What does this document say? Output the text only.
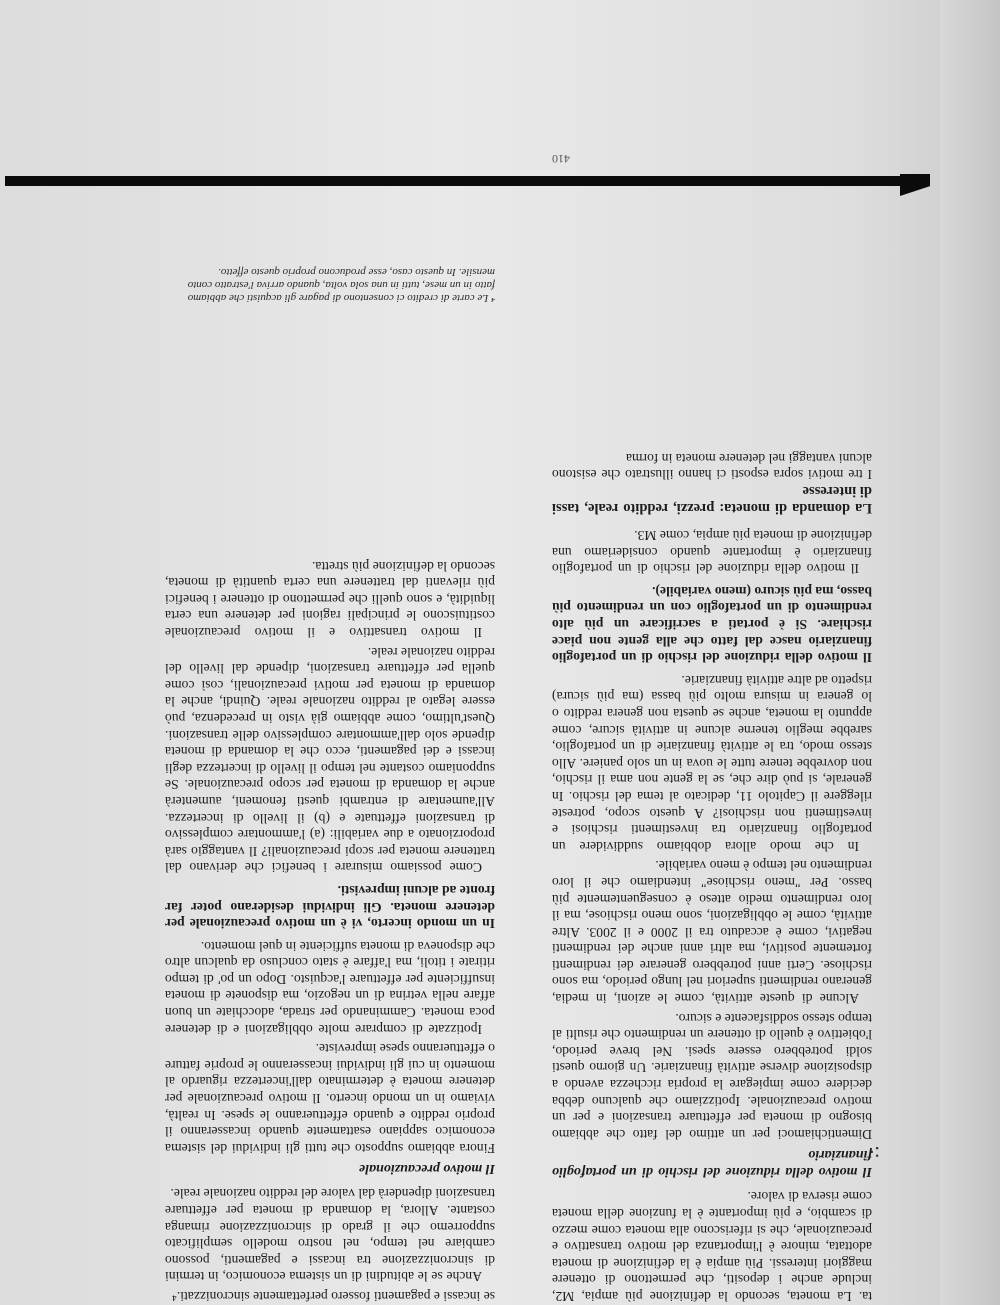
⁖

se incassi e pagamenti fossero perfettamente sincronizzati.⁴

Anche se le abitudini di un sistema economico, in termini di sincronizzazione tra incassi e pagamenti, possono cambiare nel tempo, nel nostro modello semplificato supporremo che il grado di sincronizzazione rimanga costante. Allora, la domanda di moneta per effettuare transazioni dipenderà dal valore del reddito nazionale reale.

Il motivo precauzionale

Finora abbiamo supposto che tutti gli individui del sistema economico sappiano esattamente quando incasseranno il proprio reddito e quando effettueranno le spese. In realtà, viviamo in un mondo incerto. Il motivo precauzionale per detenere moneta è determinato dall'incertezza riguardo al momento in cui gli individui incasseranno le proprie fatture o effettueranno spese impreviste.

Ipotizzate di comprare molte obbligazioni e di detenere poca moneta. Camminando per strada, adocchiate un buon affare nella vetrina di un negozio, ma disponete di moneta insufficiente per effettuare l'acquisto. Dopo un po' di tempo ritirate i titoli, ma l'affare è stato concluso da qualcun altro che disponeva di moneta sufficiente in quel momento.

In un mondo incerto, vi è un motivo precauzionale per detenere moneta. Gli individui desiderano poter far fronte ad alcuni imprevisti.

Come possiamo misurare i benefici che derivano dal trattenere moneta per scopi precauzionali? Il vantaggio sarà proporzionato a due variabili: (a) l'ammontare complessivo di transazioni effettuate e (b) il livello di incertezza. All'aumentare di entrambi questi fenomeni, aumenterà anche la domanda di moneta per scopo precauzionale. Se supponiamo costante nel tempo il livello di incertezza degli incassi e dei pagamenti, ecco che la domanda di moneta dipende solo dall'ammontare complessivo delle transazioni. Quest'ultimo, come abbiamo già visto in precedenza, può essere legato al reddito nazionale reale. Quindi, anche la domanda di moneta per motivi precauzionali, così come quella per effettuare transazioni, dipende dal livello del reddito nazionale reale.

Il motivo transattivo e il motivo precauzionale costituiscono le principali ragioni per detenere una certa liquidità, e sono quelli che permettono di ottenere i benefici più rilevanti dal trattenere una certa quantità di moneta, secondo la definizione più stretta.

⁴ Le carte di credito ci consentono di pagare gli acquisti che abbiamo fatto in un mese, tutti in una sola volta, quando arriva l'estratto conto mensile. In questo caso, esse producono proprio questo effetto.

ta. La moneta, secondo la definizione più ampia, M2, include anche i depositi, che permettono di ottenere maggiori interessi. Più ampia è la definizione di moneta adottata, minore è l'importanza del motivo transattivo e precauzionale, che si riferiscono alla moneta come mezzo di scambio, e più importante è la funzione della moneta come riserva di valore.

Il motivo della riduzione del rischio di un portafoglio finanziario

Dimentichiamoci per un attimo del fatto che abbiamo bisogno di moneta per effettuare transazioni e per un motivo precauzionale. Ipotizziamo che qualcuno debba decidere come impiegare la propria ricchezza avendo a disposizione diverse attività finanziarie. Un giorno questi soldi potrebbero essere spesi. Nel breve periodo, l'obiettivo è quello di ottenere un rendimento che risulti al tempo stesso soddisfacente e sicuro.

Alcune di queste attività, come le azioni, in media, generano rendimenti superiori nel lungo periodo, ma sono rischiose. Certi anni potrebbero generare dei rendimenti fortemente positivi, ma altri anni anche dei rendimenti negativi, come è accaduto tra il 2000 e il 2003. Altre attività, come le obbligazioni, sono meno rischiose, ma il loro rendimento medio atteso è conseguentemente più basso. Per "meno rischiose" intendiamo che il loro rendimento nel tempo è meno variabile.

In che modo allora dobbiamo suddividere un portafoglio finanziario tra investimenti rischiosi e investimenti non rischiosi? A questo scopo, potreste rileggere il Capitolo 11, dedicato al tema del rischio. In generale, si può dire che, se la gente non ama il rischio, non dovrebbe tenere tutte le uova in un solo paniere. Allo stesso modo, tra le attività finanziarie di un portafoglio, sarebbe meglio tenerne alcune in attività sicure, come appunto la moneta, anche se questa non genera reddito o lo genera in misura molto più bassa (ma più sicura) rispetto ad altre attività finanziarie.

Il motivo della riduzione del rischio di un portafoglio finanziario nasce dal fatto che alla gente non piace rischiare. Si è portati a sacrificare un più alto rendimento di un portafoglio con un rendimento più basso, ma più sicuro (meno variabile).

Il motivo della riduzione del rischio di un portafoglio finanziario è importante quando consideriamo una definizione di moneta più ampia, come M3.

La domanda di moneta: prezzi, reddito reale, tassi di interesse

I tre motivi sopra esposti ci hanno illustrato che esistono alcuni vantaggi nel detenere moneta in forma

410
